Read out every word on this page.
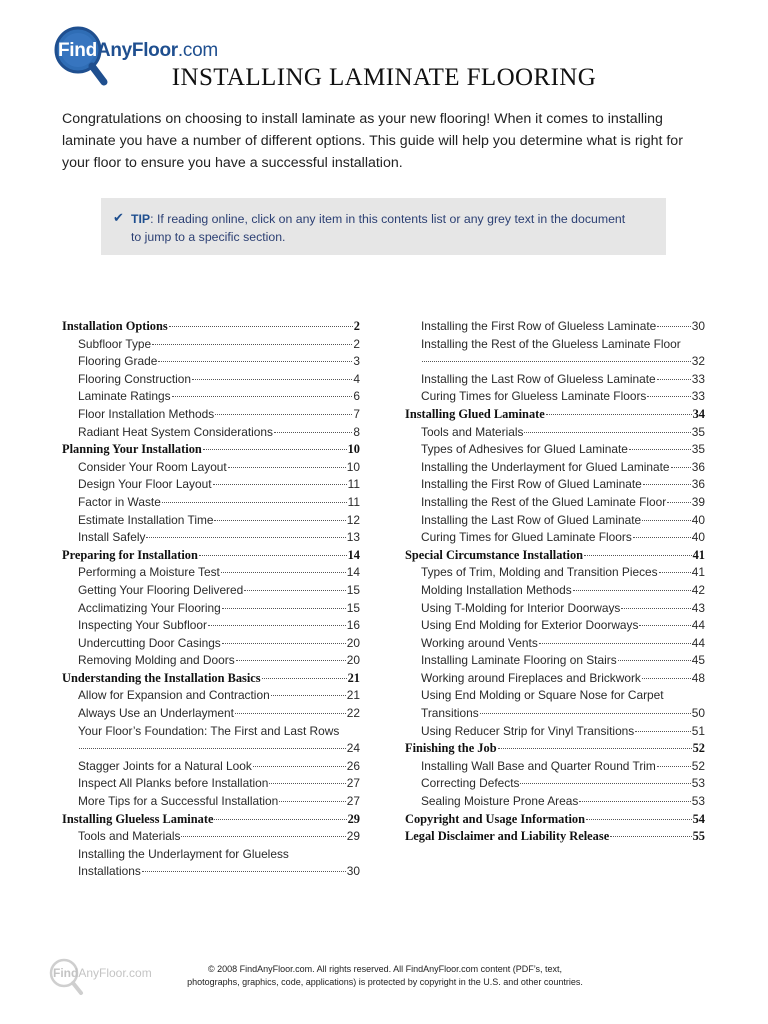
FindAnyFloor.com
INSTALLING LAMINATE FLOORING
Congratulations on choosing to install laminate as your new flooring! When it comes to installing laminate you have a number of different options. This guide will help you determine what is right for your floor to ensure you have a successful installation.
✔ TIP: If reading online, click on any item in this contents list or any grey text in the document to jump to a specific section.
Installation Options	2
Subfloor Type	2
Flooring Grade	3
Flooring Construction	4
Laminate Ratings	6
Floor Installation Methods	7
Radiant Heat System Considerations	8
Planning Your Installation	10
Consider Your Room Layout	10
Design Your Floor Layout	11
Factor in Waste	11
Estimate Installation Time	12
Install Safely	13
Preparing for Installation	14
Performing a Moisture Test	14
Getting Your Flooring Delivered	15
Acclimatizing Your Flooring	15
Inspecting Your Subfloor	16
Undercutting Door Casings	20
Removing Molding and Doors	20
Understanding the Installation Basics	21
Allow for Expansion and Contraction	21
Always Use an Underlayment	22
Your Floor’s Foundation: The First and Last Rows
24
Stagger Joints for a Natural Look	26
Inspect All Planks before Installation	27
More Tips for a Successful Installation	27
Installing Glueless Laminate	29
Tools and Materials	29
Installing the Underlayment for Glueless
Installations	30
Installing the First Row of Glueless Laminate	30
Installing the Rest of the Glueless Laminate Floor
32
Installing the Last Row of Glueless Laminate	33
Curing Times for Glueless Laminate Floors	33
Installing Glued Laminate	34
Tools and Materials	35
Types of Adhesives for Glued Laminate	35
Installing the Underlayment for Glued Laminate 36
Installing the First Row of Glued Laminate	36
Installing the Rest of the Glued Laminate Floor 39
Installing the Last Row of Glued Laminate	40
Curing Times for Glued Laminate Floors	40
Special Circumstance Installation	41
Types of Trim, Molding and Transition Pieces	41
Molding Installation Methods	42
Using T-Molding for Interior Doorways	43
Using End Molding for Exterior Doorways	44
Working around Vents	44
Installing Laminate Flooring on Stairs	45
Working around Fireplaces and Brickwork	48
Using End Molding or Square Nose for Carpet
Transitions	50
Using Reducer Strip for Vinyl Transitions	51
Finishing the Job	52
Installing Wall Base and Quarter Round Trim	52
Correcting Defects	53
Sealing Moisture Prone Areas	53
Copyright and Usage Information	54
Legal Disclaimer and Liability Release	55
FindAnyFloor.com	© 2008 FindAnyFloor.com. All rights reserved. All FindAnyFloor.com content (PDF’s, text,
photographs, graphics, code, applications) is protected by copyright in the U.S. and other countries.
